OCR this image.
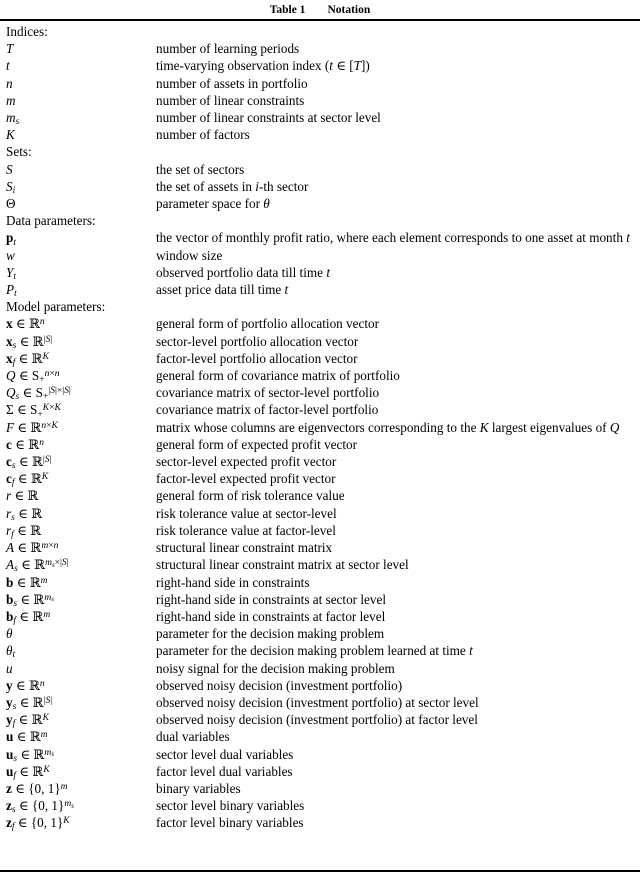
Table 1 Notation
Indices:
T	number of learning periods
t	time-varying observation index (t ∈ [T])
n	number of assets in portfolio
m	number of linear constraints
$m_s$	number of linear constraints at sector level
K	number of factors
Sets:
S	the set of sectors
$S_i$	the set of assets in i-th sector
Θ	parameter space for θ
Data parameters:
$p_t$	the vector of monthly profit ratio, where each element corresponds to one asset at month t
w	window size
$Y_t$	observed portfolio data till time t
$P_t$	asset price data till time t
Model parameters:
x ∈ ℝ$^n$	general form of portfolio allocation vector
$x_s$ ∈ ℝ$^{|S|}$	sector-level portfolio allocation vector
$x_f$ ∈ ℝ$^K$	factor-level portfolio allocation vector
Q ∈ $S_+^{n\times n}$	general form of covariance matrix of portfolio
$Q_s$ ∈ $S_+^{|S|\times|S|}$	covariance matrix of sector-level portfolio
Σ ∈ $S_+^{K\times K}$	covariance matrix of factor-level portfolio
F ∈ ℝ$^{n\times K}$	matrix whose columns are eigenvectors corresponding to the K largest eigenvalues of Q
c ∈ ℝ$^n$	general form of expected profit vector
$c_s$ ∈ ℝ$^{|S|}$	sector-level expected profit vector
$c_f$ ∈ ℝ$^K$	factor-level expected profit vector
r ∈ ℝ	general form of risk tolerance value
$r_s$ ∈ ℝ	risk tolerance value at sector-level
$r_f$ ∈ ℝ	risk tolerance value at factor-level
A ∈ ℝ$^{m\times n}$	structural linear constraint matrix
$A_s$ ∈ ℝ$^{m_s\times|S|}$	structural linear constraint matrix at sector level
b ∈ ℝ$^m$	right-hand side in constraints
$b_s$ ∈ ℝ$^{m_s}$	right-hand side in constraints at sector level
$b_f$ ∈ ℝ$^m$	right-hand side in constraints at factor level
θ	parameter for the decision making problem
$\theta_t$	parameter for the decision making problem learned at time t
u	noisy signal for the decision making problem
y ∈ ℝ$^n$	observed noisy decision (investment portfolio)
$y_s$ ∈ ℝ$^{|S|}$	observed noisy decision (investment portfolio) at sector level
$y_f$ ∈ ℝ$^K$	observed noisy decision (investment portfolio) at factor level
u ∈ ℝ$^m$	dual variables
$u_s$ ∈ ℝ$^{m_s}$	sector level dual variables
$u_f$ ∈ ℝ$^K$	factor level dual variables
z ∈ {0, 1}$^m$	binary variables
$z_s$ ∈ {0, 1}$^{m_s}$	sector level binary variables
$z_f$ ∈ {0, 1}$^K$	factor level binary variables
